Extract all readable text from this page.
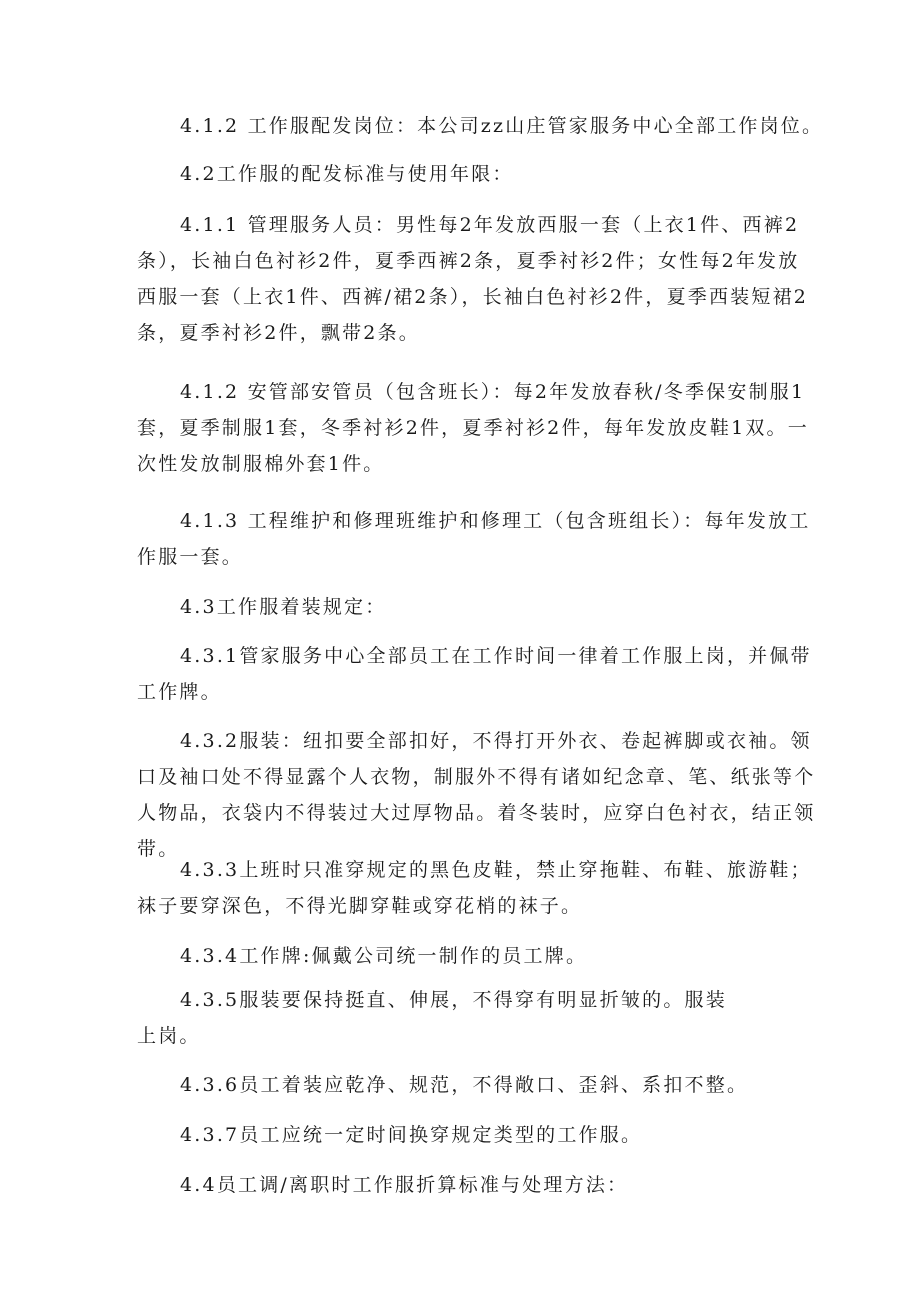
4.1.2 工作服配发岗位：本公司zz山庄管家服务中心全部工作岗位。

4.2工作服的配发标准与使用年限：

4.1.1 管理服务人员：男性每2年发放西服一套（上衣1件、西裤2条），长袖白色衬衫2件，夏季西裤2条，夏季衬衫2件；女性每2年发放西服一套（上衣1件、西裤/裙2条），长袖白色衬衫2件，夏季西装短裙2条，夏季衬衫2件，飘带2条。

4.1.2 安管部安管员（包含班长）：每2年发放春秋/冬季保安制服1套，夏季制服1套，冬季衬衫2件，夏季衬衫2件，每年发放皮鞋1双。一次性发放制服棉外套1件。

4.1.3 工程维护和修理班维护和修理工（包含班组长）：每年发放工作服一套。

4.3工作服着装规定：

4.3.1管家服务中心全部员工在工作时间一律着工作服上岗，并佩带工作牌。

4.3.2服装：纽扣要全部扣好，不得打开外衣、卷起裤脚或衣袖。领口及袖口处不得显露个人衣物，制服外不得有诸如纪念章、笔、纸张等个人物品，衣袋内不得装过大过厚物品。着冬装时，应穿白色衬衣，结正领带。

4.3.3上班时只准穿规定的黑色皮鞋，禁止穿拖鞋、布鞋、旅游鞋；袜子要穿深色，不得光脚穿鞋或穿花梢的袜子。

4.3.4工作牌:佩戴公司统一制作的员工牌。

4.3.5服装要保持挺直、伸展，不得穿有明显折皱的。服装上岗。

4.3.6员工着装应乾净、规范，不得敞口、歪斜、系扣不整。

4.3.7员工应统一定时间换穿规定类型的工作服。

4.4员工调/离职时工作服折算标准与处理方法：
